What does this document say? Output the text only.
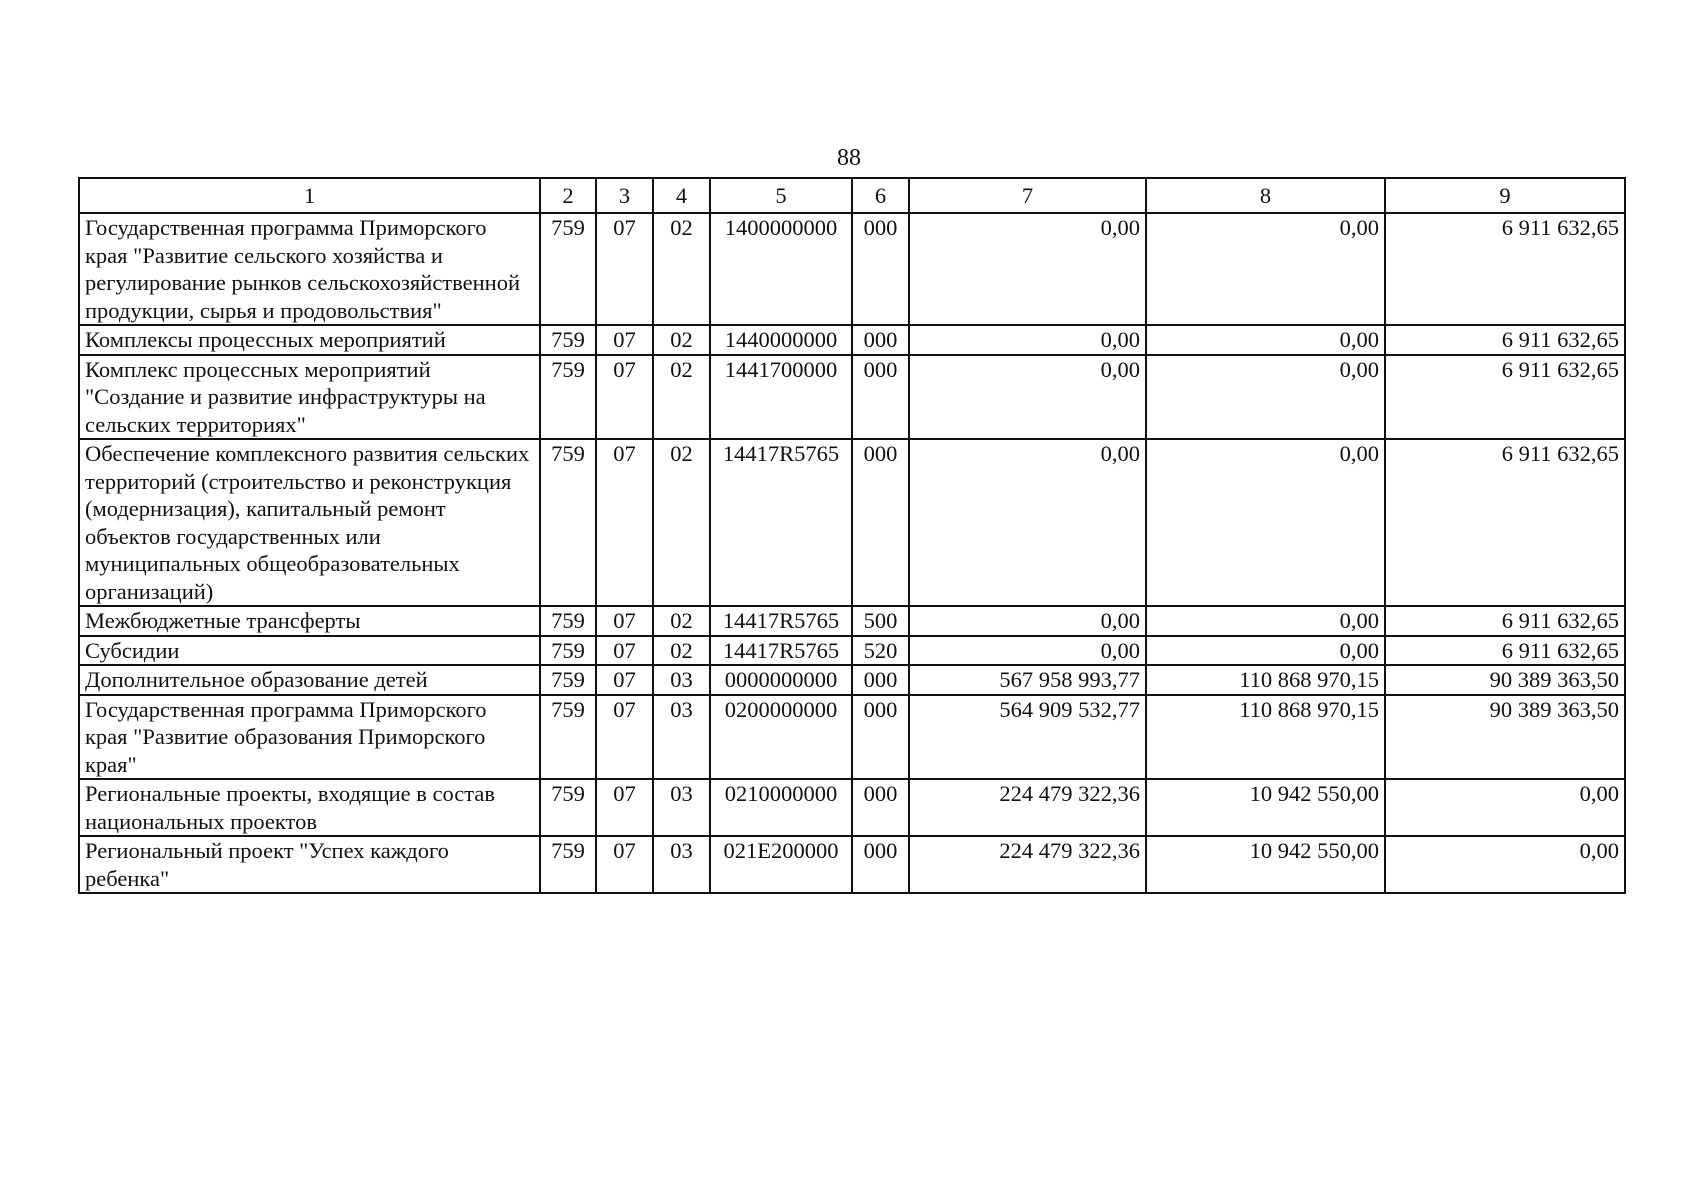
88
1	2	3	4	5	6	7	8	9
Государственная программа Приморского края "Развитие сельского хозяйства и регулирование рынков сельскохозяйственной продукции, сырья и продовольствия"	759	07	02	1400000000	000	0,00	0,00	6 911 632,65
Комплексы процессных мероприятий	759	07	02	1440000000	000	0,00	0,00	6 911 632,65
Комплекс процессных мероприятий "Создание и развитие инфраструктуры на сельских территориях"	759	07	02	1441700000	000	0,00	0,00	6 911 632,65
Обеспечение комплексного развития сельских территорий (строительство и реконструкция (модернизация), капитальный ремонт объектов государственных или муниципальных общеобразовательных организаций)	759	07	02	14417R5765	000	0,00	0,00	6 911 632,65
Межбюджетные трансферты	759	07	02	14417R5765	500	0,00	0,00	6 911 632,65
Субсидии	759	07	02	14417R5765	520	0,00	0,00	6 911 632,65
Дополнительное образование детей	759	07	03	0000000000	000	567 958 993,77	110 868 970,15	90 389 363,50
Государственная программа Приморского края "Развитие образования Приморского края"	759	07	03	0200000000	000	564 909 532,77	110 868 970,15	90 389 363,50
Региональные проекты, входящие в состав национальных проектов	759	07	03	0210000000	000	224 479 322,36	10 942 550,00	0,00
Региональный проект "Успех каждого ребенка"	759	07	03	021E200000	000	224 479 322,36	10 942 550,00	0,00
